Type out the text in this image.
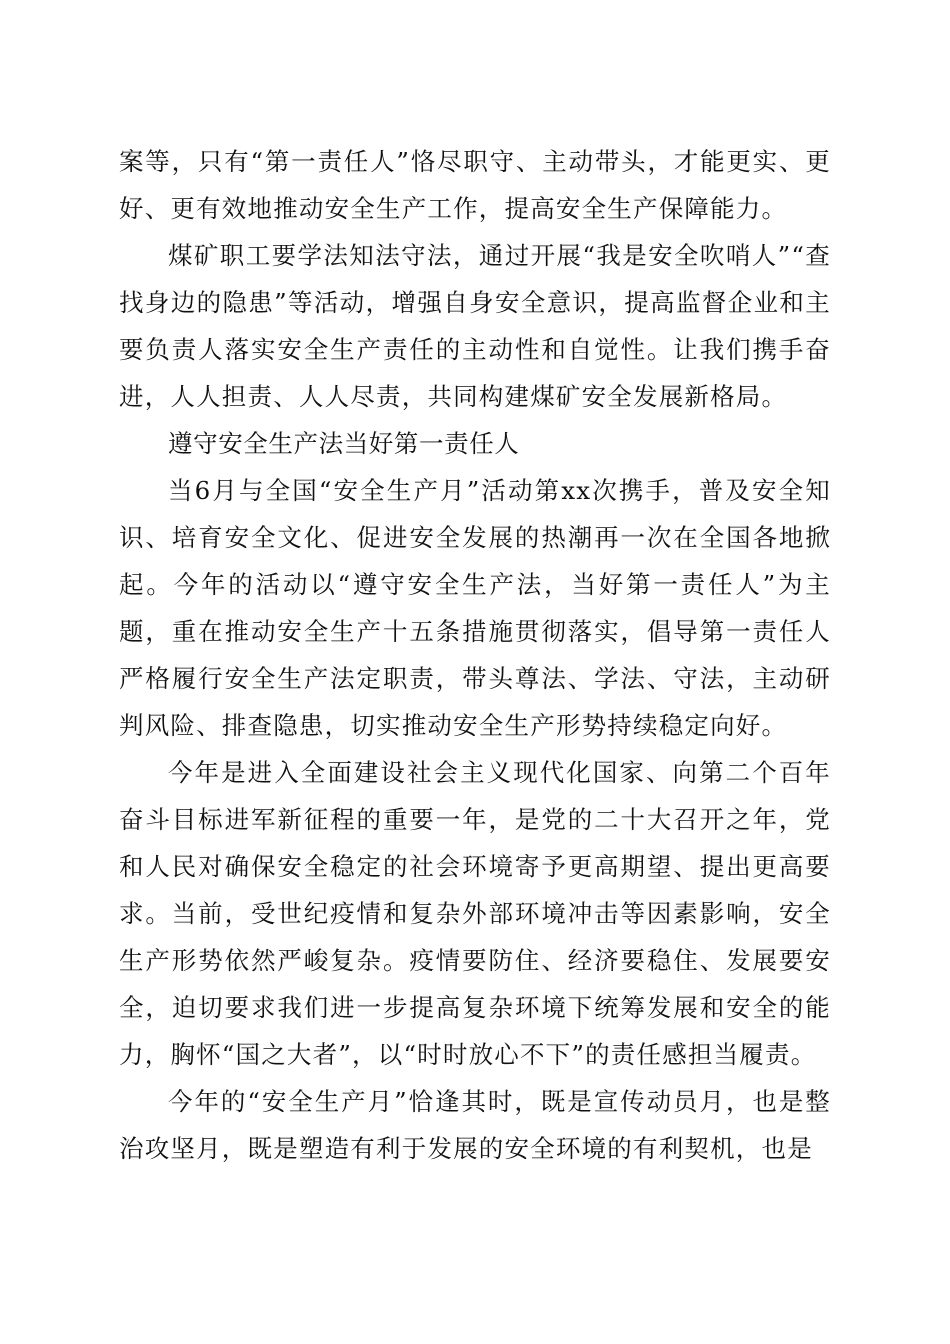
案等，只有“第一责任人”恪尽职守、主动带头，才能更实、更好、更有效地推动安全生产工作，提高安全生产保障能力。

煤矿职工要学法知法守法，通过开展“我是安全吹哨人”“查找身边的隐患”等活动，增强自身安全意识，提高监督企业和主要负责人落实安全生产责任的主动性和自觉性。让我们携手奋进，人人担责、人人尽责，共同构建煤矿安全发展新格局。

遵守安全生产法当好第一责任人

当6月与全国“安全生产月”活动第xx次携手，普及安全知识、培育安全文化、促进安全发展的热潮再一次在全国各地掀起。今年的活动以“遵守安全生产法，当好第一责任人”为主题，重在推动安全生产十五条措施贯彻落实，倡导第一责任人严格履行安全生产法定职责，带头尊法、学法、守法，主动研判风险、排查隐患，切实推动安全生产形势持续稳定向好。

今年是进入全面建设社会主义现代化国家、向第二个百年奋斗目标进军新征程的重要一年，是党的二十大召开之年，党和人民对确保安全稳定的社会环境寄予更高期望、提出更高要求。当前，受世纪疫情和复杂外部环境冲击等因素影响，安全生产形势依然严峻复杂。疫情要防住、经济要稳住、发展要安全，迫切要求我们进一步提高复杂环境下统筹发展和安全的能力，胸怀“国之大者”，以“时时放心不下”的责任感担当履责。

今年的“安全生产月”恰逢其时，既是宣传动员月，也是整治攻坚月，既是塑造有利于发展的安全环境的有利契机，也是
